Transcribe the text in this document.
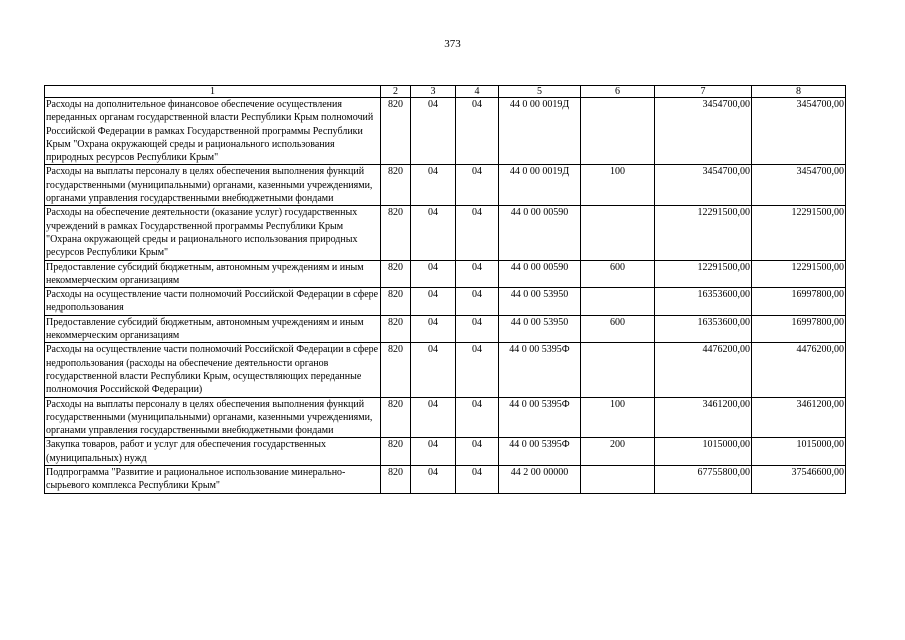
373
1	2	3	4	5	6	7	8
Расходы на дополнительное финансовое обеспечение осуществления переданных органам государственной власти Республики Крым полномочий Российской Федерации в рамках Государственной программы Республики Крым "Охрана окружающей среды и рационального использования природных ресурсов Республики Крым"	820	04	04	44 0 00 0019Д		3454700,00	3454700,00
Расходы на выплаты персоналу в целях обеспечения выполнения функций государственными (муниципальными) органами, казенными учреждениями, органами управления государственными внебюджетными фондами	820	04	04	44 0 00 0019Д	100	3454700,00	3454700,00
Расходы на обеспечение деятельности (оказание услуг) государственных учреждений в рамках Государственной программы Республики Крым "Охрана окружающей среды и рационального использования природных ресурсов Республики Крым"	820	04	04	44 0 00 00590		12291500,00	12291500,00
Предоставление субсидий бюджетным, автономным учреждениям и иным некоммерческим организациям	820	04	04	44 0 00 00590	600	12291500,00	12291500,00
Расходы на осуществление части полномочий Российской Федерации в сфере недропользования	820	04	04	44 0 00 53950		16353600,00	16997800,00
Предоставление субсидий бюджетным, автономным учреждениям и иным некоммерческим организациям	820	04	04	44 0 00 53950	600	16353600,00	16997800,00
Расходы на осуществление части полномочий Российской Федерации в сфере недропользования (расходы на обеспечение деятельности органов государственной власти Республики Крым, осуществляющих переданные полномочия Российской Федерации)	820	04	04	44 0 00 5395Ф		4476200,00	4476200,00
Расходы на выплаты персоналу в целях обеспечения выполнения функций государственными (муниципальными) органами, казенными учреждениями, органами управления государственными внебюджетными фондами	820	04	04	44 0 00 5395Ф	100	3461200,00	3461200,00
Закупка товаров, работ и услуг для обеспечения государственных (муниципальных) нужд	820	04	04	44 0 00 5395Ф	200	1015000,00	1015000,00
Подпрограмма "Развитие и рациональное использование минерально-сырьевого комплекса Республики Крым"	820	04	04	44 2 00 00000		67755800,00	37546600,00
